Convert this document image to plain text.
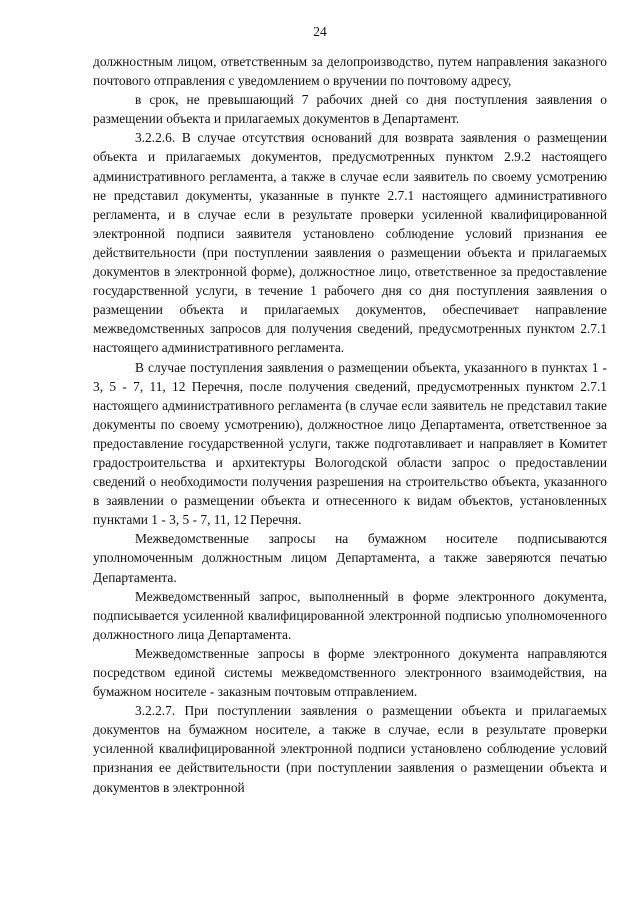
24

должностным лицом, ответственным за делопроизводство, путем направления заказного почтового отправления с уведомлением о вручении по почтовому адресу,

в срок, не превышающий 7 рабочих дней со дня поступления заявления о размещении объекта и прилагаемых документов в Департамент.

3.2.2.6. В случае отсутствия оснований для возврата заявления о размещении объекта и прилагаемых документов, предусмотренных пунктом 2.9.2 настоящего административного регламента, а также в случае если заявитель по своему усмотрению не представил документы, указанные в пункте 2.7.1 настоящего административного регламента, и в случае если в результате проверки усиленной квалифицированной электронной подписи заявителя установлено соблюдение условий признания ее действительности (при поступлении заявления о размещении объекта и прилагаемых документов в электронной форме), должностное лицо, ответственное за предоставление государственной услуги, в течение 1 рабочего дня со дня поступления заявления о размещении объекта и прилагаемых документов, обеспечивает направление межведомственных запросов для получения сведений, предусмотренных пунктом 2.7.1 настоящего административного регламента.

В случае поступления заявления о размещении объекта, указанного в пунктах 1 - 3, 5 - 7, 11, 12 Перечня, после получения сведений, предусмотренных пунктом 2.7.1 настоящего административного регламента (в случае если заявитель не представил такие документы по своему усмотрению), должностное лицо Департамента, ответственное за предоставление государственной услуги, также подготавливает и направляет в Комитет градостроительства и архитектуры Вологодской области запрос о предоставлении сведений о необходимости получения разрешения на строительство объекта, указанного в заявлении о размещении объекта и отнесенного к видам объектов, установленных пунктами 1 - 3, 5 - 7, 11, 12 Перечня.

Межведомственные запросы на бумажном носителе подписываются уполномоченным должностным лицом Департамента, а также заверяются печатью Департамента.

Межведомственный запрос, выполненный в форме электронного документа, подписывается усиленной квалифицированной электронной подписью уполномоченного должностного лица Департамента.

Межведомственные запросы в форме электронного документа направляются посредством единой системы межведомственного электронного взаимодействия, на бумажном носителе - заказным почтовым отправлением.

3.2.2.7. При поступлении заявления о размещении объекта и прилагаемых документов на бумажном носителе, а также в случае, если в результате проверки усиленной квалифицированной электронной подписи установлено соблюдение условий признания ее действительности (при поступлении заявления о размещении объекта и документов в электронной
